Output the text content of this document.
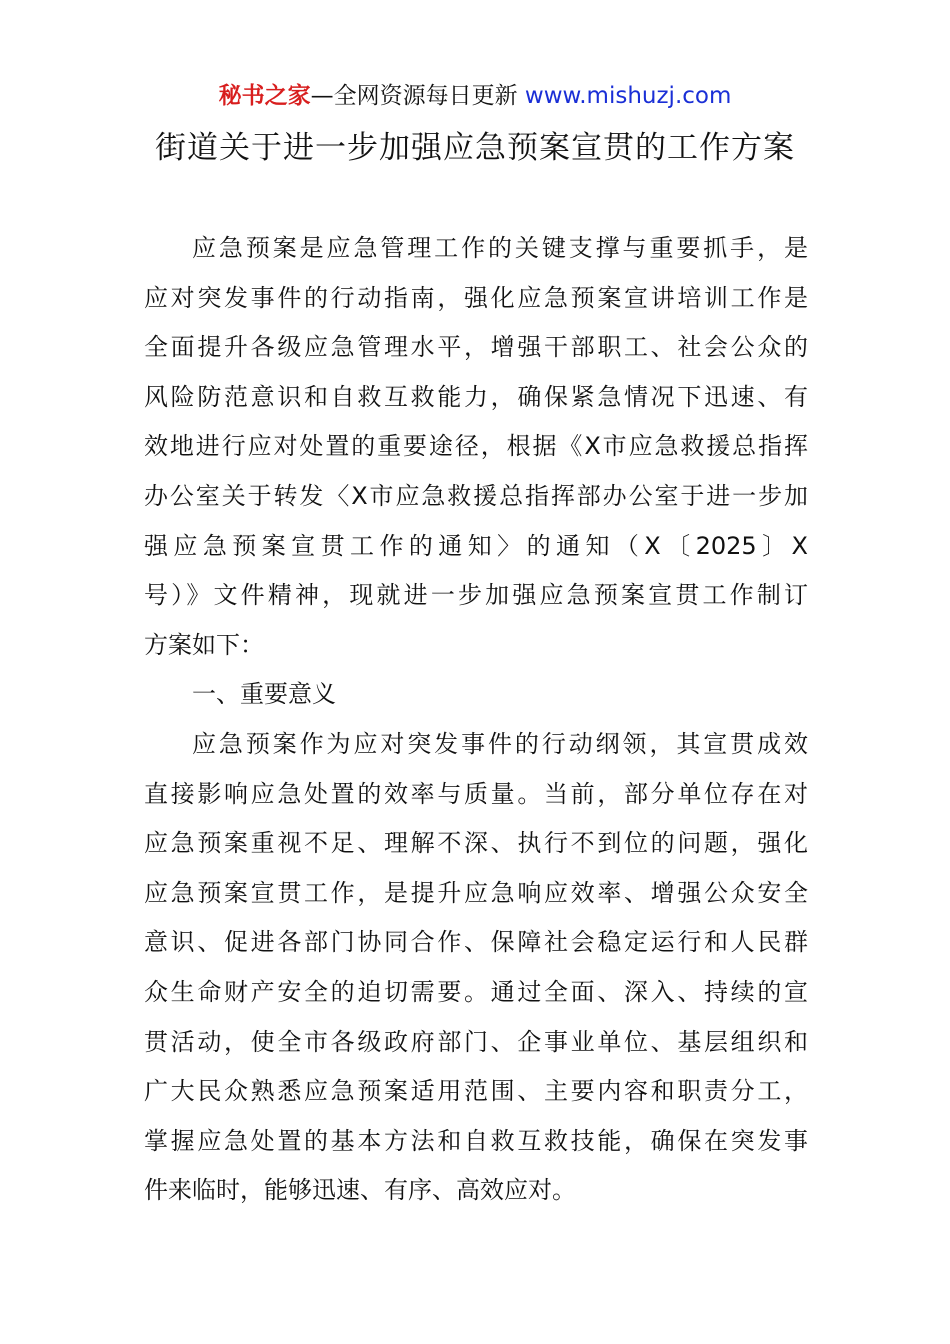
秘书之家—全网资源每日更新 www.mishuzj.com
街道关于进一步加强应急预案宣贯的工作方案
应急预案是应急管理工作的关键支撑与重要抓手，是
应对突发事件的行动指南，强化应急预案宣讲培训工作是
全面提升各级应急管理水平，增强干部职工、社会公众的
风险防范意识和自救互救能力，确保紧急情况下迅速、有
效地进行应对处置的重要途径，根据《X市应急救援总指挥
办公室关于转发〈X市应急救援总指挥部办公室于进一步加
强应急预案宣贯工作的通知〉的通知（X〔2025〕X
号）》文件精神，现就进一步加强应急预案宣贯工作制订
方案如下：
一、重要意义
应急预案作为应对突发事件的行动纲领，其宣贯成效
直接影响应急处置的效率与质量。当前，部分单位存在对
应急预案重视不足、理解不深、执行不到位的问题，强化
应急预案宣贯工作，是提升应急响应效率、增强公众安全
意识、促进各部门协同合作、保障社会稳定运行和人民群
众生命财产安全的迫切需要。通过全面、深入、持续的宣
贯活动，使全市各级政府部门、企事业单位、基层组织和
广大民众熟悉应急预案适用范围、主要内容和职责分工，
掌握应急处置的基本方法和自救互救技能，确保在突发事
件来临时，能够迅速、有序、高效应对。
